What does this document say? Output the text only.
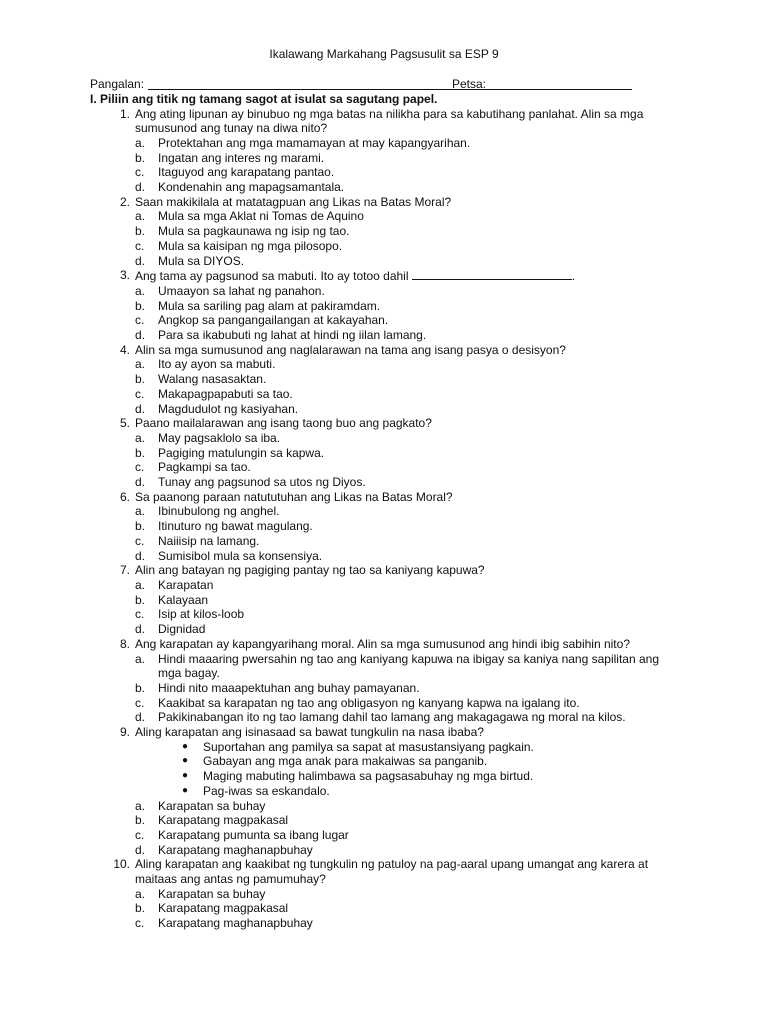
Ikalawang Markahang Pagsusulit sa ESP 9
Pangalan:	Petsa:
I. Piliin ang titik ng tamang sagot at isulat sa sagutang papel.
1. Ang ating lipunan ay binubuo ng mga batas na nilikha para sa kabutihang panlahat. Alin sa mga sumusunod ang tunay na diwa nito?
a. Protektahan ang mga mamamayan at may kapangyarihan.
b. Ingatan ang interes ng marami.
c. Itaguyod ang karapatang pantao.
d. Kondenahin ang mapagsamantala.
2. Saan makikilala at matatagpuan ang Likas na Batas Moral?
a. Mula sa mga Aklat ni Tomas de Aquino
b. Mula sa pagkaunawa ng isip ng tao.
c. Mula sa kaisipan ng mga pilosopo.
d. Mula sa DIYOS.
3. Ang tama ay pagsunod sa mabuti. Ito ay totoo dahil	.
a. Umaayon sa lahat ng panahon.
b. Mula sa sariling pag alam at pakiramdam.
c. Angkop sa pangangailangan at kakayahan.
d. Para sa ikabubuti ng lahat at hindi ng iilan lamang.
4. Alin sa mga sumusunod ang naglalarawan na tama ang isang pasya o desisyon?
a. Ito ay ayon sa mabuti.
b. Walang nasasaktan.
c. Makapagpapabuti sa tao.
d. Magdudulot ng kasiyahan.
5. Paano mailalarawan ang isang taong buo ang pagkato?
a. May pagsaklolo sa iba.
b. Pagiging matulungin sa kapwa.
c. Pagkampi sa tao.
d. Tunay ang pagsunod sa utos ng Diyos.
6. Sa paanong paraan natututuhan ang Likas na Batas Moral?
a. Ibinubulong ng anghel.
b. Itinuturo ng bawat magulang.
c. Naiiisip na lamang.
d. Sumisibol mula sa konsensiya.
7. Alin ang batayan ng pagiging pantay ng tao sa kaniyang kapuwa?
a. Karapatan
b. Kalayaan
c. Isip at kilos-loob
d. Dignidad
8. Ang karapatan ay kapangyarihang moral. Alin sa mga sumusunod ang hindi ibig sabihin nito?
a. Hindi maaaring pwersahin ng tao ang kaniyang kapuwa na ibigay sa kaniya nang sapilitan ang mga bagay.
b. Hindi nito maaapektuhan ang buhay pamayanan.
c. Kaakibat sa karapatan ng tao ang obligasyon ng kanyang kapwa na igalang ito.
d. Pakikinabangan ito ng tao lamang dahil tao lamang ang makagagawa ng moral na kilos.
9. Aling karapatan ang isinasaad sa bawat tungkulin na nasa ibaba?
● Suportahan ang pamilya sa sapat at masustansiyang pagkain.
● Gabayan ang mga anak para makaiwas sa panganib.
● Maging mabuting halimbawa sa pagsasabuhay ng mga birtud.
● Pag-iwas sa eskandalo.
a. Karapatan sa buhay
b. Karapatang magpakasal
c. Karapatang pumunta sa ibang lugar
d. Karapatang maghanapbuhay
10. Aling karapatan ang kaakibat ng tungkulin ng patuloy na pag-aaral upang umangat ang karera at maitaas ang antas ng pamumuhay?
a. Karapatan sa buhay
b. Karapatang magpakasal
c. Karapatang maghanapbuhay
